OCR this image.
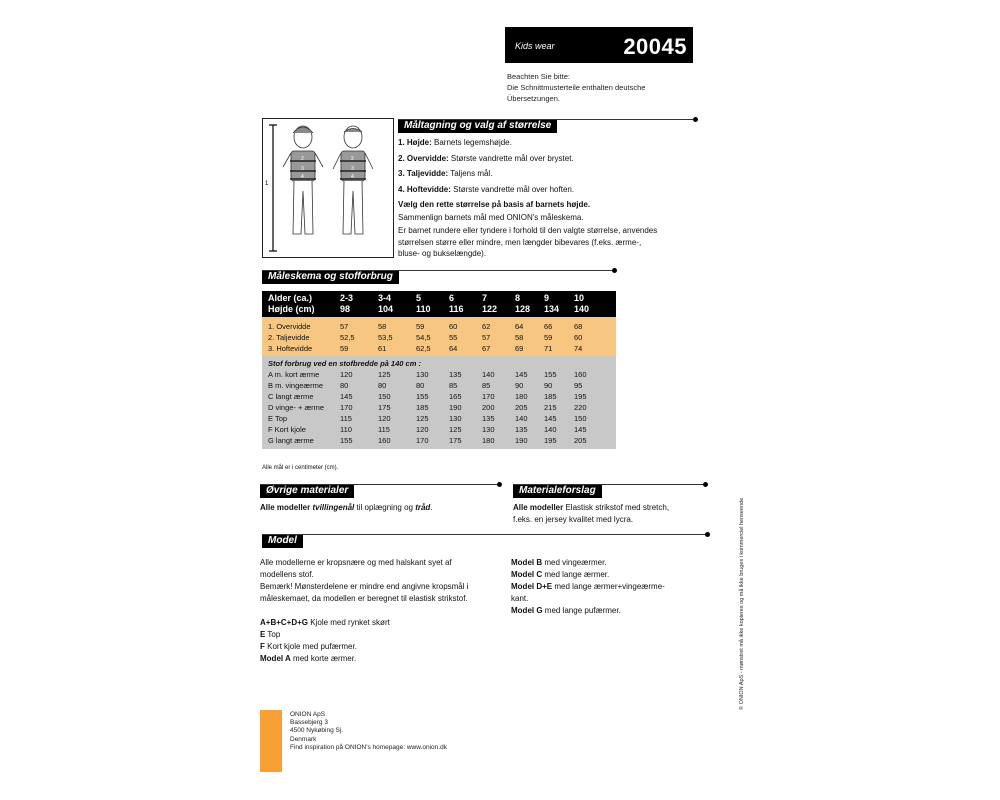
Kids wear	20045
Beachten Sie bitte:
Die Schnittmusterteile enthalten deutsche
Übersetzungen.
1
2
3
4
2
3
4
Måltagning og valg af størrelse
1. Højde: Barnets legemshøjde.
2. Overvidde: Største vandrette mål over brystet.
3. Taljevidde: Taljens mål.
4. Hoftevidde: Største vandrette mål over hoften.
Vælg den rette størrelse på basis af barnets højde.
Sammenlign barnets mål med ONION's måleskema.
Er barnet rundere eller tyndere i forhold til den valgte størrelse, anvendes
størrelsen større eller mindre, men længder bibevares (f.eks. ærme-,
bluse- og bukselængde).
Måleskema og stofforbrug
Alder (ca.)	2-3	3-4	5	6	7	8	9	10
Højde (cm)	98	104	110	116	122	128	134	140
1. Overvidde	57	58	59	60	62	64	66	68
2. Taljevidde	52,5	53,5	54,5	55	57	58	59	60
3. Hoftevidde	59	61	62,5	64	67	69	71	74
Stof forbrug ved en stofbredde på 140 cm :
A m. kort ærme	120	125	130	135	140	145	155	160
B m. vingeærme	80	80	80	85	85	90	90	95
C langt ærme	145	150	155	165	170	180	185	195
D vinge- + ærme	170	175	185	190	200	205	215	220
E Top	115	120	125	130	135	140	145	150
F Kort kjole	110	115	120	125	130	135	140	145
G langt ærme	155	160	170	175	180	190	195	205
Alle mål er i centimeter (cm).
Øvrige materialer
Alle modeller tvillingenål til oplægning og tråd.
Materialeforslag
Alle modeller Elastisk strikstof med stretch,
f.eks. en jersey kvalitet med lycra.
Model
Alle modellerne er kropsnære og med halskant syet af
modellens stof.
Bemærk! Mønsterdelene er mindre end angivne kropsmål i
måleskemaet, da modellen er beregnet til elastisk strikstof.
A+B+C+D+G Kjole med rynket skørt
E Top
F Kort kjole med pufærmer.
Model A med korte ærmer.
Model B med vingeærmer.
Model C med lange ærmer.
Model D+E med lange ærmer+vingeærme-
kant.
Model G med lange pufærmer.
ONION ApS
Bassebjerg 3
4500 Nykøbing Sj.
Denmark
Find inspiration på ONION's homepage: www.onion.dk
© ONION ApS - mønstret må ikke kopieres og må ikke bruges i kommerciel henseende
